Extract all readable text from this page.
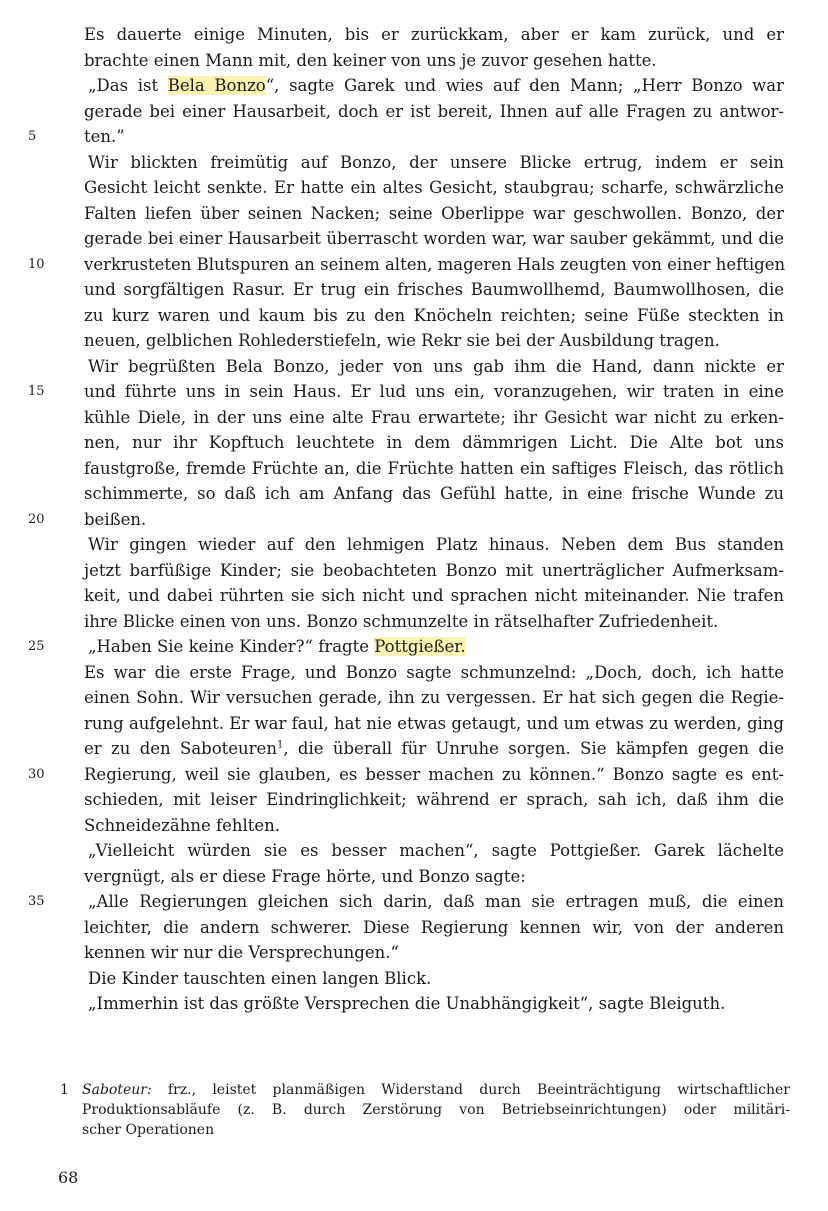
Es dauerte einige Minuten, bis er zurückkam, aber er kam zurück, und er
brachte einen Mann mit, den keiner von uns je zuvor gesehen hatte.
„Das ist Bela Bonzo“, sagte Garek und wies auf den Mann; „Herr Bonzo war
gerade bei einer Hausarbeit, doch er ist bereit, Ihnen auf alle Fragen zu antwor-
5	ten.”
Wir blickten freimütig auf Bonzo, der unsere Blicke ertrug, indem er sein
Gesicht leicht senkte. Er hatte ein altes Gesicht, staubgrau; scharfe, schwärzliche
Falten liefen über seinen Nacken; seine Oberlippe war geschwollen. Bonzo, der
gerade bei einer Hausarbeit überrascht worden war, war sauber gekämmt, und die
10	verkrusteten Blutspuren an seinem alten, mageren Hals zeugten von einer heftigen
und sorgfältigen Rasur. Er trug ein frisches Baumwollhemd, Baumwollhosen, die
zu kurz waren und kaum bis zu den Knöcheln reichten; seine Füße steckten in
neuen, gelblichen Rohlederstiefeln, wie Rekr sie bei der Ausbildung tragen.
Wir begrüßten Bela Bonzo, jeder von uns gab ihm die Hand, dann nickte er
15	und führte uns in sein Haus. Er lud uns ein, voranzugehen, wir traten in eine
kühle Diele, in der uns eine alte Frau erwartete; ihr Gesicht war nicht zu erken-
nen, nur ihr Kopftuch leuchtete in dem dämmrigen Licht. Die Alte bot uns
faustgroße, fremde Früchte an, die Früchte hatten ein saftiges Fleisch, das rötlich
schimmerte, so daß ich am Anfang das Gefühl hatte, in eine frische Wunde zu
20	beißen.
Wir gingen wieder auf den lehmigen Platz hinaus. Neben dem Bus standen
jetzt barfüßige Kinder; sie beobachteten Bonzo mit unerträglicher Aufmerksam-
keit, und dabei rührten sie sich nicht und sprachen nicht miteinander. Nie trafen
ihre Blicke einen von uns. Bonzo schmunzelte in rätselhafter Zufriedenheit.
25	„Haben Sie keine Kinder?“ fragte Pottgießer.
Es war die erste Frage, und Bonzo sagte schmunzelnd: „Doch, doch, ich hatte
einen Sohn. Wir versuchen gerade, ihn zu vergessen. Er hat sich gegen die Regie-
rung aufgelehnt. Er war faul, hat nie etwas getaugt, und um etwas zu werden, ging
er zu den Saboteuren$^1$, die überall für Unruhe sorgen. Sie kämpfen gegen die
30	Regierung, weil sie glauben, es besser machen zu können.“ Bonzo sagte es ent-
schieden, mit leiser Eindringlichkeit; während er sprach, sah ich, daß ihm die
Schneidezähne fehlten.
„Vielleicht würden sie es besser machen“, sagte Pottgießer. Garek lächelte
vergnügt, als er diese Frage hörte, und Bonzo sagte:
35	„Alle Regierungen gleichen sich darin, daß man sie ertragen muß, die einen
leichter, die andern schwerer. Diese Regierung kennen wir, von der anderen
kennen wir nur die Versprechungen.“
Die Kinder tauschten einen langen Blick.
„Immerhin ist das größte Versprechen die Unabhängigkeit“, sagte Bleiguth.
1 Saboteur: frz., leistet planmäßigen Widerstand durch Beeinträchtigung wirtschaftlicher
Produktionsabläufe (z. B. durch Zerstörung von Betriebseinrichtungen) oder militäri-
scher Operationen
68
